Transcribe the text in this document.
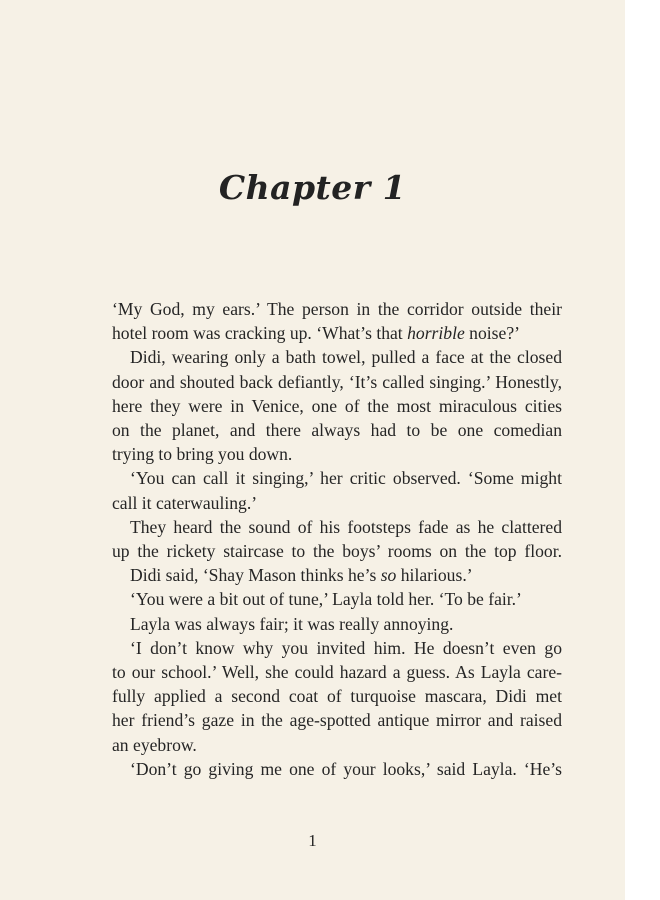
Chapter 1
‘My God, my ears.’ The person in the corridor outside their
hotel room was cracking up. ‘What’s that horrible noise?’
Didi, wearing only a bath towel, pulled a face at the closed
door and shouted back defiantly, ‘It’s called singing.’ Honestly,
here they were in Venice, one of the most miraculous cities
on the planet, and there always had to be one comedian
trying to bring you down.
‘You can call it singing,’ her critic observed. ‘Some might
call it caterwauling.’
They heard the sound of his footsteps fade as he clattered
up the rickety staircase to the boys’ rooms on the top floor.
Didi said, ‘Shay Mason thinks he’s so hilarious.’
‘You were a bit out of tune,’ Layla told her. ‘To be fair.’
Layla was always fair; it was really annoying.
‘I don’t know why you invited him. He doesn’t even go
to our school.’ Well, she could hazard a guess. As Layla care-
fully applied a second coat of turquoise mascara, Didi met
her friend’s gaze in the age-spotted antique mirror and raised
an eyebrow.
‘Don’t go giving me one of your looks,’ said Layla. ‘He’s
1
